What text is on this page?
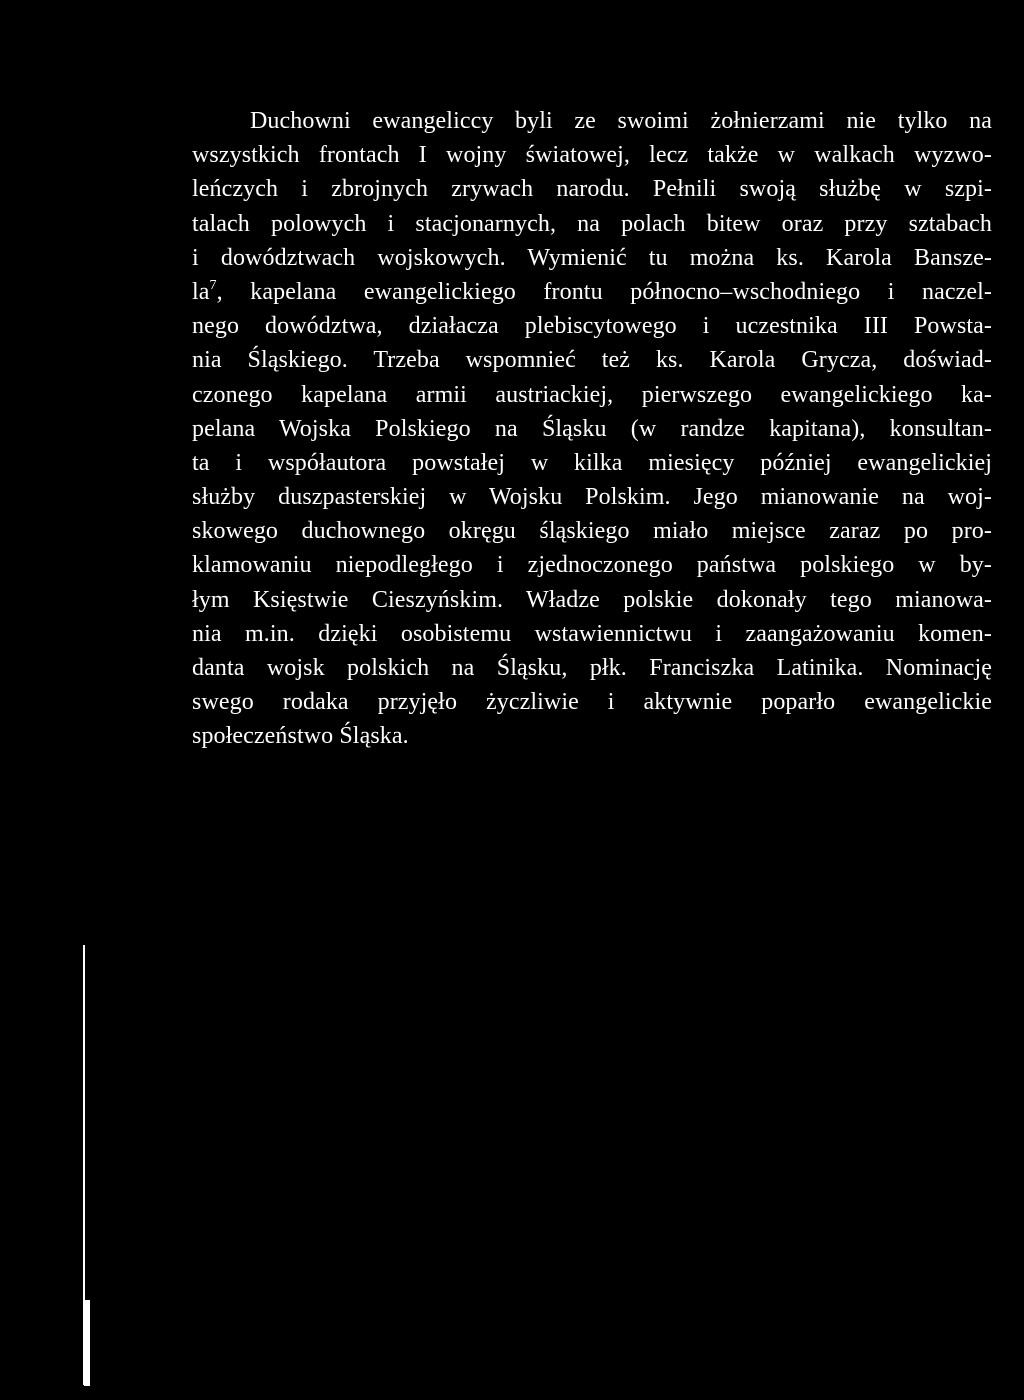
Duchowni ewangeliccy byli ze swoimi żołnierzami nie tylko na
wszystkich frontach I wojny światowej, lecz także w walkach wyzwo-
leńczych i zbrojnych zrywach narodu. Pełnili swoją służbę w szpi-
talach polowych i stacjonarnych, na polach bitew oraz przy sztabach
i dowództwach wojskowych. Wymienić tu można ks. Karola Bansze-
$la^7$, kapelana ewangelickiego frontu północno–wschodniego i naczel-
nego dowództwa, działacza plebiscytowego i uczestnika III Powsta-
nia Śląskiego. Trzeba wspomnieć też ks. Karola Grycza, doświad-
czonego kapelana armii austriackiej, pierwszego ewangelickiego ka-
pelana Wojska Polskiego na Śląsku (w randze kapitana), konsultan-
ta i współautora powstałej w kilka miesięcy później ewangelickiej
służby duszpasterskiej w Wojsku Polskim. Jego mianowanie na woj-
skowego duchownego okręgu śląskiego miało miejsce zaraz po pro-
klamowaniu niepodległego i zjednoczonego państwa polskiego w by-
łym Księstwie Cieszyńskim. Władze polskie dokonały tego mianowa-
nia m.in. dzięki osobistemu wstawiennictwu i zaangażowaniu komen-
danta wojsk polskich na Śląsku, płk. Franciszka Latinika. Nominację
swego rodaka przyjęło życzliwie i aktywnie poparło ewangelickie
społeczeństwo Śląska.
